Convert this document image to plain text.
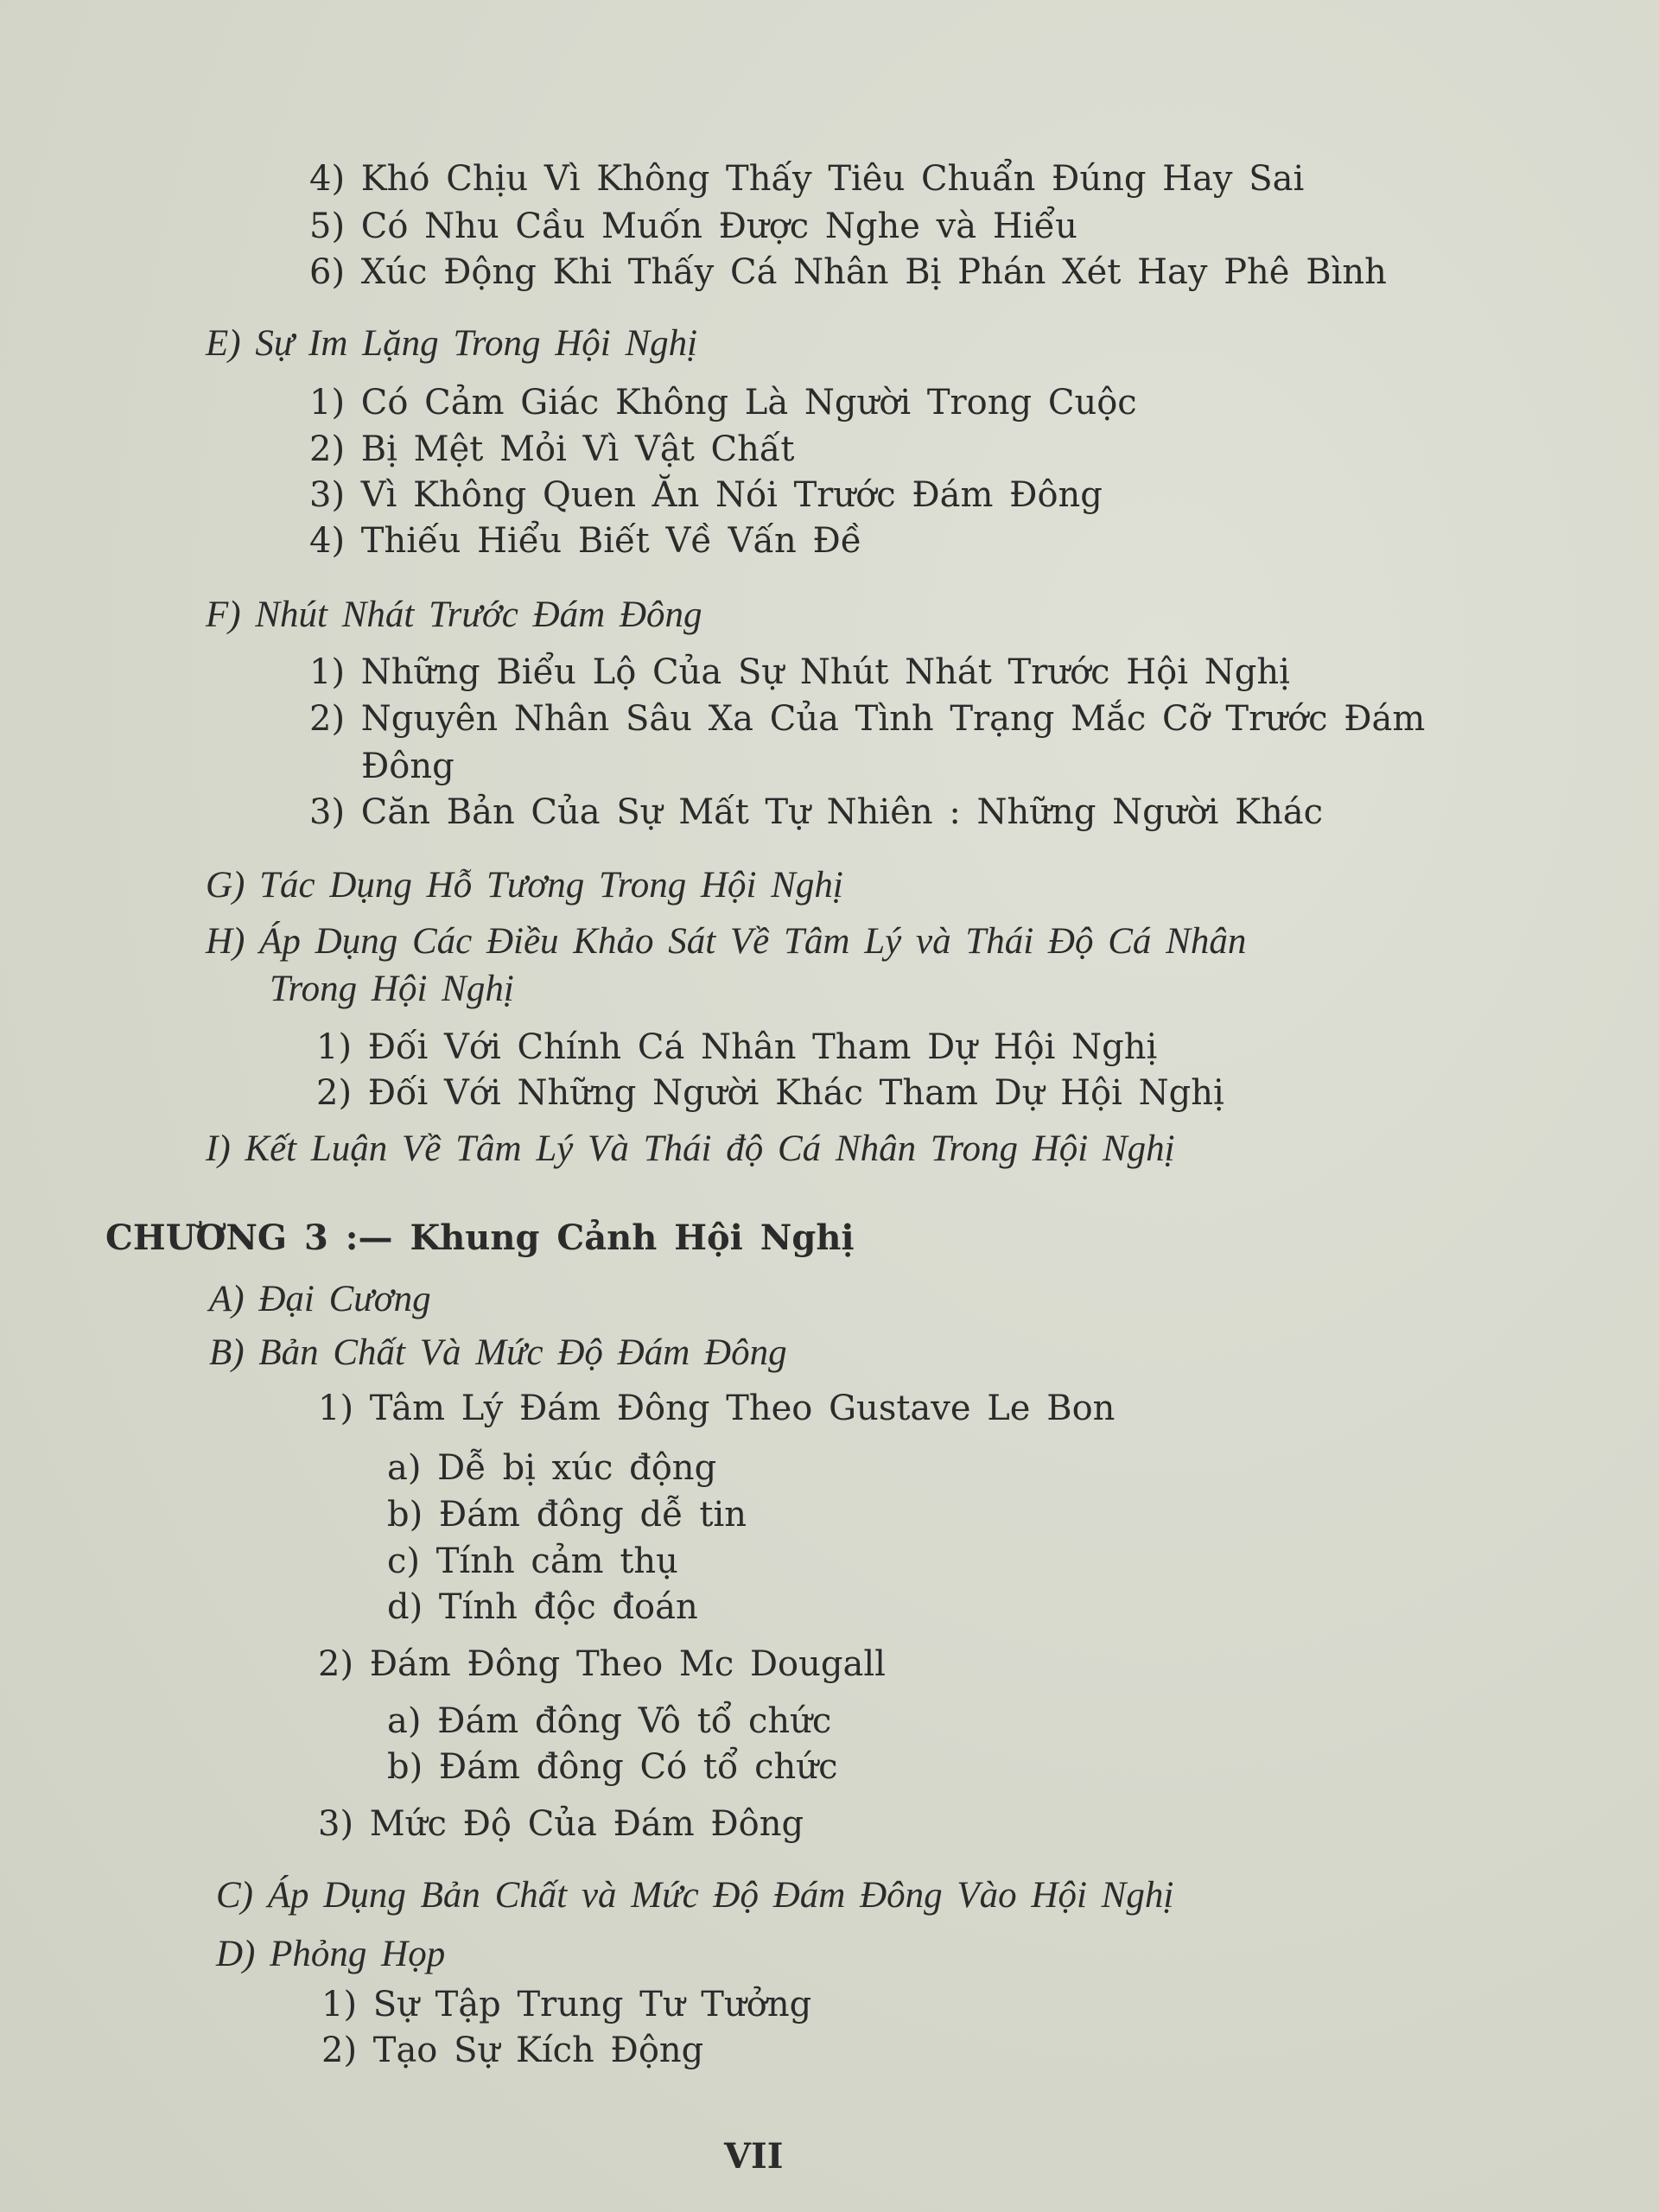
4) Khó Chịu Vì Không Thấy Tiêu Chuẩn Đúng Hay Sai
5) Có Nhu Cầu Muốn Được Nghe và Hiểu
6) Xúc Động Khi Thấy Cá Nhân Bị Phán Xét Hay Phê Bình
E) Sự Im Lặng Trong Hội Nghị
1) Có Cảm Giác Không Là Người Trong Cuộc
2) Bị Mệt Mỏi Vì Vật Chất
3) Vì Không Quen Ăn Nói Trước Đám Đông
4) Thiếu Hiểu Biết Về Vấn Đề
F) Nhút Nhát Trước Đám Đông
1) Những Biểu Lộ Của Sự Nhút Nhát Trước Hội Nghị
2) Nguyên Nhân Sâu Xa Của Tình Trạng Mắc Cỡ Trước Đám
Đông
3) Căn Bản Của Sự Mất Tự Nhiên : Những Người Khác
G) Tác Dụng Hỗ Tương Trong Hội Nghị
H) Áp Dụng Các Điều Khảo Sát Về Tâm Lý và Thái Độ Cá Nhân
Trong Hội Nghị
1) Đối Với Chính Cá Nhân Tham Dự Hội Nghị
2) Đối Với Những Người Khác Tham Dự Hội Nghị
I) Kết Luận Về Tâm Lý Và Thái độ Cá Nhân Trong Hội Nghị
CHƯƠNG 3 :— Khung Cảnh Hội Nghị
A) Đại Cương
B) Bản Chất Và Mức Độ Đám Đông
1) Tâm Lý Đám Đông Theo Gustave Le Bon
a) Dễ bị xúc động
b) Đám đông dễ tin
c) Tính cảm thụ
d) Tính độc đoán
2) Đám Đông Theo Mc Dougall
a) Đám đông Vô tổ chức
b) Đám đông Có tổ chức
3) Mức Độ Của Đám Đông
C) Áp Dụng Bản Chất và Mức Độ Đám Đông Vào Hội Nghị
D) Phỏng Họp
1) Sự Tập Trung Tư Tưởng
2) Tạo Sự Kích Động
VII
